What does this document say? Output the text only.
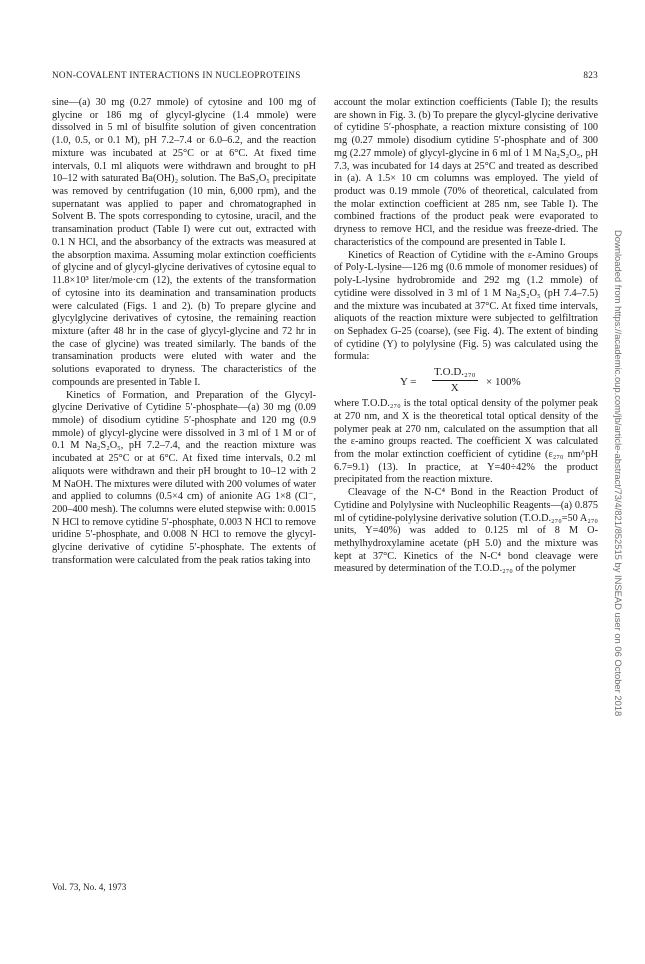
NON-COVALENT INTERACTIONS IN NUCLEOPROTEINS	823

sine—(a) 30 mg (0.27 mmole) of cytosine and 100 mg of glycine or 186 mg of glycyl-glycine (1.4 mmole) were dissolved in 5 ml of bisulfite solution of given concentration (1.0, 0.5, or 0.1 M), pH 7.2–7.4 or 6.0–6.2, and the reaction mixture was incubated at 25°C or at 6°C. At fixed time intervals, 0.1 ml aliquots were withdrawn and brought to pH 10–12 with saturated Ba(OH)₂ solution. The BaS₂O₅ precipitate was removed by centrifugation (10 min, 6,000 rpm), and the supernatant was applied to paper and chromatographed in Solvent B. The spots corresponding to cytosine, uracil, and the transamination product (Table I) were cut out, extracted with 0.1 N HCl, and the absorbancy of the extracts was measured at the absorption maxima. Assuming molar extinction coefficients of glycine and of glycyl-glycine derivatives of cytosine equal to 11.8×10³ liter/mole·cm (12), the extents of the transformation of cytosine into its deamination and transamination products were calculated (Figs. 1 and 2). (b) To prepare glycine and glycylglycine derivatives of cytosine, the remaining reaction mixture (after 48 hr in the case of glycyl-glycine and 72 hr in the case of glycine) was treated similarly. The bands of the transamination products were eluted with water and the solutions evaporated to dryness. The characteristics of the compounds are presented in Table I.

Kinetics of Formation, and Preparation of the Glycyl-glycine Derivative of Cytidine 5′-phosphate—(a) 30 mg (0.09 mmole) of disodium cytidine 5′-phosphate and 120 mg (0.9 mmole) of glycyl-glycine were dissolved in 3 ml of 1 M or of 0.1 M Na₂S₂O₅, pH 7.2–7.4, and the reaction mixture was incubated at 25°C or at 6°C. At fixed time intervals, 0.2 ml aliquots were withdrawn and their pH brought to 10–12 with 2 M NaOH. The mixtures were diluted with 200 volumes of water and applied to columns (0.5×4 cm) of anionite AG 1×8 (Cl⁻, 200–400 mesh). The columns were eluted stepwise with: 0.0015 N HCl to remove cytidine 5′-phosphate, 0.003 N HCl to remove uridine 5′-phosphate, and 0.008 N HCl to remove the glycyl-glycine derivative of cytidine 5′-phosphate. The extents of transformation were calculated from the peak ratios taking into

account the molar extinction coefficients (Table I); the results are shown in Fig. 3. (b) To prepare the glycyl-glycine derivative of cytidine 5′-phosphate, a reaction mixture consisting of 100 mg (0.27 mmole) disodium cytidine 5′-phosphate and of 300 mg (2.27 mmole) of glycyl-glycine in 6 ml of 1 M Na₂S₂O₅, pH 7.3, was incubated for 14 days at 25°C and treated as described in (a). A 1.5× 10 cm columns was employed. The yield of product was 0.19 mmole (70% of theoretical, calculated from the molar extinction coefficient at 285 nm, see Table I). The combined fractions of the product peak were evaporated to dryness to remove HCl, and the residue was freeze-dried. The characteristics of the compound are presented in Table I.

Kinetics of Reaction of Cytidine with the ε-Amino Groups of Poly-L-lysine—126 mg (0.6 mmole of monomer residues) of poly-L-lysine hydrobromide and 292 mg (1.2 mmole) of cytidine were dissolved in 3 ml of 1 M Na₂S₂O₅ (pH 7.4–7.5) and the mixture was incubated at 37°C. At fixed time intervals, aliquots of the reaction mixture were subjected to gelfiltration on Sephadex G-25 (coarse), (see Fig. 4). The extent of binding of cytidine (Y) to polylysine (Fig. 5) was calculated using the formula:

$Y = \frac{\text{T.O.D.₂₇₀}}{X} \times 100\%$

where T.O.D.₂₇₀ is the total optical density of the polymer peak at 270 nm, and X is the theoretical total optical density of the polymer peak at 270 nm, calculated on the assumption that all the ε-amino groups reacted. The coefficient X was calculated from the molar extinction coefficient of cytidine (ε₂₇₀ nm^pH 6.7=9.1) (13). In practice, at Y=40÷42% the product precipitated from the reaction mixture.

Cleavage of the N-C⁴ Bond in the Reaction Product of Cytidine and Polylysine with Nucleophilic Reagents—(a) 0.875 ml of cytidine-polylysine derivative solution (T.O.D.₂₇₀=50 A₂₇₀ units, Y=40%) was added to 0.125 ml of 8 M O-methylhydroxylamine acetate (pH 5.0) and the mixture was kept at 37°C. Kinetics of the N-C⁴ bond cleavage were measured by determination of the T.O.D.₂₇₀ of the polymer

Vol. 73, No. 4, 1973
Downloaded from https://academic.oup.com/jb/article-abstract/73/4/821/852515 by INSEAD user on 06 October 2018
